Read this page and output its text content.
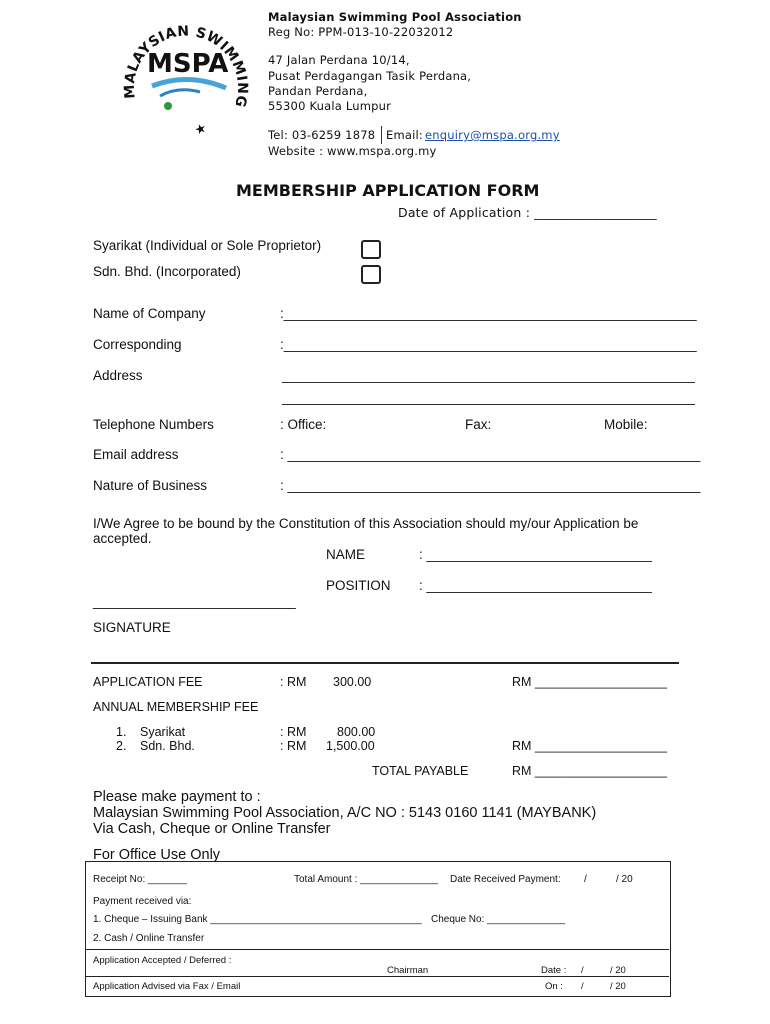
MALAYSIAN SWIMMING
★
MSPA
Malaysian Swimming Pool Association
Reg No: PPM-013-10-22032012
47 Jalan Perdana 10/14,
Pusat Perdagangan Tasik Perdana,
Pandan Perdana,
55300 Kuala Lumpur
Tel: 03-6259 1878 Email: enquiry@mspa.org.my
Website : www.mspa.org.my
MEMBERSHIP APPLICATION FORM
Date of Application : ___________________
Syarikat (Individual or Sole Proprietor)
Sdn. Bhd. (Incorporated)
Name of Company	:_______________________________________________________
Corresponding	:_______________________________________________________
Address	_______________________________________________________
_______________________________________________________
Telephone Numbers	: Office:	Fax:	Mobile:
Email address	: _______________________________________________________
Nature of Business	: _______________________________________________________
I/We Agree to be bound by the Constitution of this Association should my/our Application be
accepted.
NAME	: ______________________________
POSITION : ______________________________
___________________________
SIGNATURE
APPLICATION FEE	: RM 300.00	RM ___________________
ANNUAL MEMBERSHIP FEE
1. Syarikat	: RM 800.00
2. Sdn. Bhd.	: RM 1,500.00	RM ___________________
TOTAL PAYABLE	RM ___________________
Please make payment to :
Malaysian Swimming Pool Association, A/C NO : 5143 0160 1141 (MAYBANK)
Via Cash, Cheque or Online Transfer
For Office Use Only
Receipt No: _______	Total Amount : ______________ Date Received Payment: /	/ 20
Payment received via:
1. Cheque – Issuing Bank ______________________________________ Cheque No: ______________
2. Cash / Online Transfer
Application Accepted / Deferred :
Chairman	Date : /	/ 20
Application Advised via Fax / Email	On : /	/ 20
